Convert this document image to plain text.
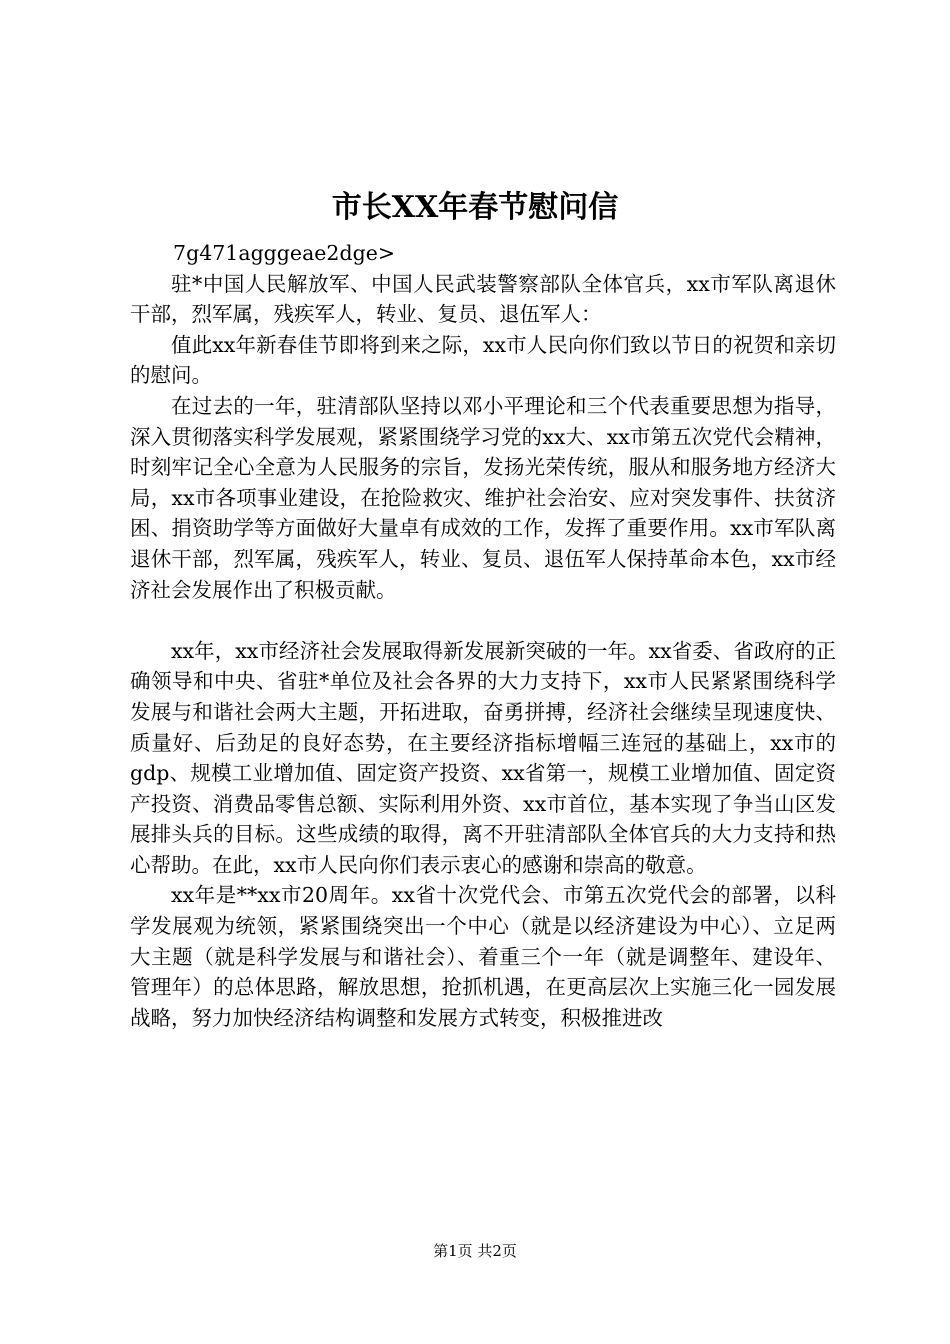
市长XX年春节慰问信

7g471agggeae2dge>

驻*中国人民解放军、中国人民武装警察部队全体官兵，xx市军队离退休干部，烈军属，残疾军人，转业、复员、退伍军人：

值此xx年新春佳节即将到来之际，xx市人民向你们致以节日的祝贺和亲切的慰问。

在过去的一年，驻清部队坚持以邓小平理论和三个代表重要思想为指导，深入贯彻落实科学发展观，紧紧围绕学习党的xx大、xx市第五次党代会精神，时刻牢记全心全意为人民服务的宗旨，发扬光荣传统，服从和服务地方经济大局，xx市各项事业建设，在抢险救灾、维护社会治安、应对突发事件、扶贫济困、捐资助学等方面做好大量卓有成效的工作，发挥了重要作用。xx市军队离退休干部，烈军属，残疾军人，转业、复员、退伍军人保持革命本色，xx市经济社会发展作出了积极贡献。

xx年，xx市经济社会发展取得新发展新突破的一年。xx省委、省政府的正确领导和中央、省驻*单位及社会各界的大力支持下，xx市人民紧紧围绕科学发展与和谐社会两大主题，开拓进取，奋勇拼搏，经济社会继续呈现速度快、质量好、后劲足的良好态势，在主要经济指标增幅三连冠的基础上，xx市的gdp、规模工业增加值、固定资产投资、xx省第一，规模工业增加值、固定资产投资、消费品零售总额、实际利用外资、xx市首位，基本实现了争当山区发展排头兵的目标。这些成绩的取得，离不开驻清部队全体官兵的大力支持和热心帮助。在此，xx市人民向你们表示衷心的感谢和崇高的敬意。

xx年是**xx市20周年。xx省十次党代会、市第五次党代会的部署，以科学发展观为统领，紧紧围绕突出一个中心（就是以经济建设为中心）、立足两大主题（就是科学发展与和谐社会）、着重三个一年（就是调整年、建设年、管理年）的总体思路，解放思想，抢抓机遇，在更高层次上实施三化一园发展战略，努力加快经济结构调整和发展方式转变，积极推进改

第1页 共2页
